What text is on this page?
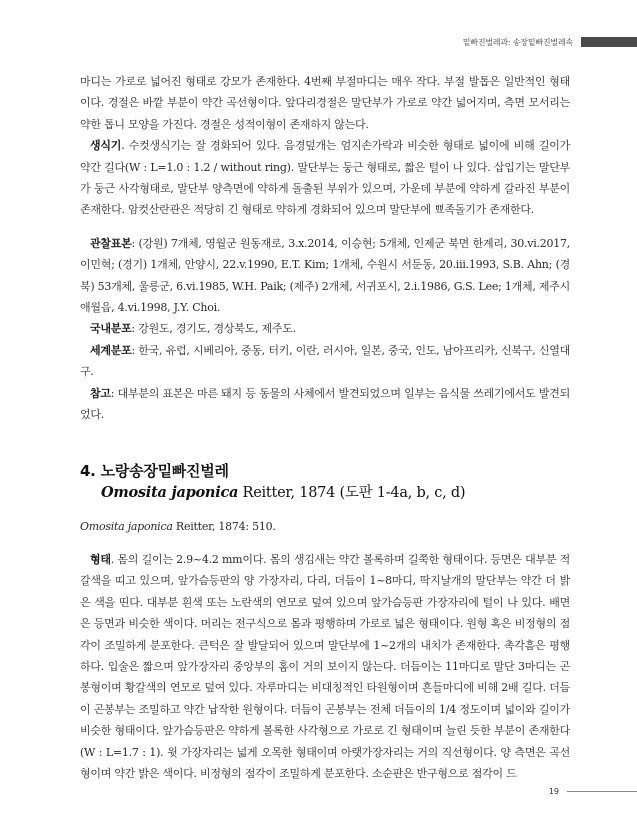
밑빠진벌레과: 송장밑빠진벌레속

마디는 가로로 넓어진 형태로 강모가 존재한다. 4번째 부절마디는 매우 작다. 부절 발톱은 일반적인 형태이다. 경절은 바깥 부분이 약간 곡선형이다. 앞다리경절은 말단부가 가로로 약간 넓어지며, 측면 모서리는 약한 톱니 모양을 가진다. 경절은 성적이형이 존재하지 않는다.

생식기. 수컷생식기는 잘 경화되어 있다. 음경덮개는 엄지손가락과 비슷한 형태로 넓이에 비해 길이가 약간 길다(W : L=1.0 : 1.2 / without ring). 말단부는 둥근 형태로, 짧은 털이 나 있다. 삽입기는 말단부가 둥근 사각형태로, 말단부 양측면에 약하게 돌출된 부위가 있으며, 가운데 부분에 약하게 갈라진 부분이 존재한다. 암컷산란관은 적당히 긴 형태로 약하게 경화되어 있으며 말단부에 뾰족돌기가 존재한다.

관찰표본: (강원) 7개체, 영월군 원동재로, 3.x.2014, 이승현; 5개체, 인제군 북면 한계리, 30.vi.2017, 이민혁; (경기) 1개체, 안양시, 22.v.1990, E.T. Kim; 1개체, 수원시 서둔동, 20.iii.1993, S.B. Ahn; (경북) 53개체, 울릉군, 6.vi.1985, W.H. Paik; (제주) 2개체, 서귀포시, 2.i.1986, G.S. Lee; 1개체, 제주시 애월읍, 4.vi.1998, J.Y. Choi.

국내분포: 강원도, 경기도, 경상북도, 제주도.

세계분포: 한국, 유럽, 시베리아, 중동, 터키, 이란, 러시아, 일본, 중국, 인도, 남아프리카, 신북구, 신열대구.

참고: 대부분의 표본은 마른 돼지 등 동물의 사체에서 발견되었으며 일부는 음식물 쓰레기에서도 발견되었다.

4. 노랑송장밑빠진벌레

Omosita japonica Reitter, 1874 (도판 1-4a, b, c, d)

Omosita japonica Reitter, 1874: 510.

형태. 몸의 길이는 2.9~4.2 mm이다. 몸의 생김새는 약간 볼록하며 길쭉한 형태이다. 등면은 대부분 적갈색을 띠고 있으며, 앞가슴등판의 양 가장자리, 다리, 더듬이 1~8마디, 딱지날개의 말단부는 약간 더 밝은 색을 띤다. 대부분 흰색 또는 노란색의 연모로 덮여 있으며 앞가슴등판 가장자리에 털이 나 있다. 배면은 등면과 비슷한 색이다. 머리는 전구식으로 몸과 평행하며 가로로 넓은 형태이다. 원형 혹은 비정형의 점각이 조밀하게 분포한다. 큰턱은 잘 발달되어 있으며 말단부에 1~2개의 내치가 존재한다. 촉각흠은 평행하다. 입술은 짧으며 앞가장자리 중앙부의 홈이 거의 보이지 않는다. 더듬이는 11마디로 말단 3마디는 곤봉형이며 황갈색의 연모로 덮여 있다. 자루마디는 비대칭적인 타원형이며 흔들마디에 비해 2배 길다. 더듬이 곤봉부는 조밀하고 약간 납작한 원형이다. 더듬이 곤봉부는 전체 더듬이의 1/4 정도이며 넓이와 길이가 비슷한 형태이다. 앞가슴등판은 약하게 볼록한 사각형으로 가로로 긴 형태이며 늘린 듯한 부분이 존재한다(W : L=1.7 : 1). 윗 가장자리는 넓게 오목한 형태이며 아랫가장자리는 거의 직선형이다. 양 측면은 곡선형이며 약간 밝은 색이다. 비정형의 점각이 조밀하게 분포한다. 소순판은 반구형으로 점각이 드

19
